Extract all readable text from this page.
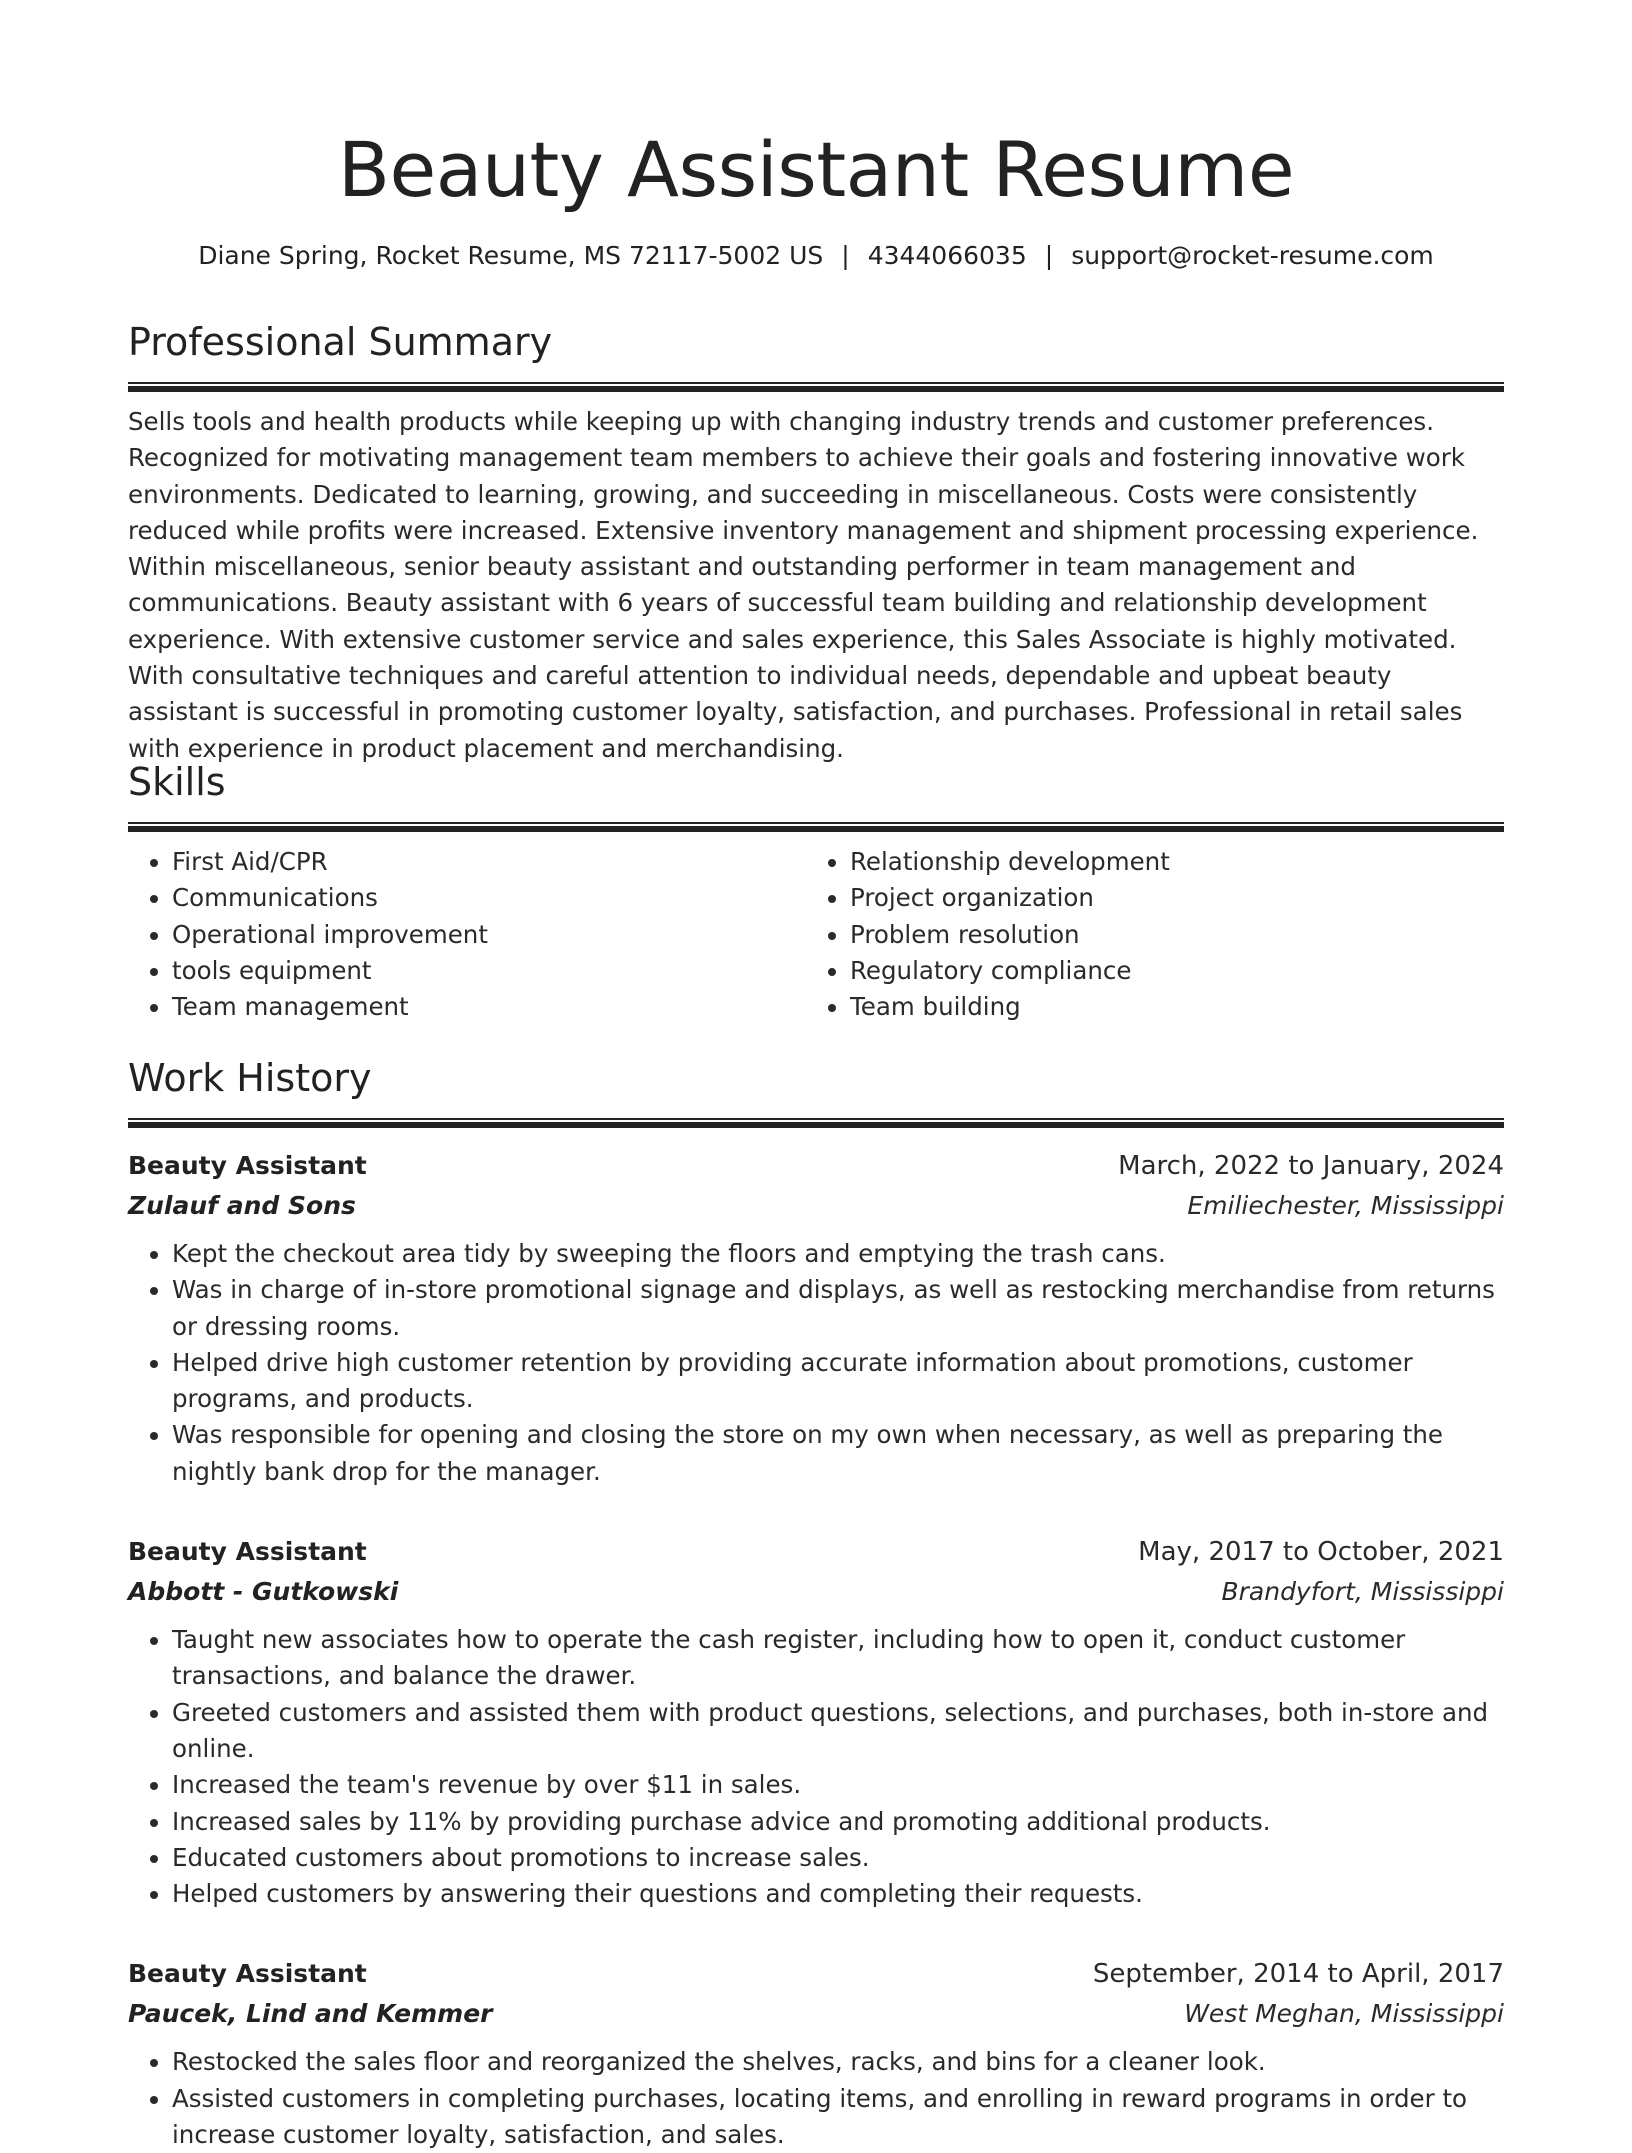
Beauty Assistant Resume
Diane Spring, Rocket Resume, MS 72117-5002 US | 4344066035 | support@rocket-resume.com
Professional Summary

Sells tools and health products while keeping up with changing industry trends and customer preferences. Recognized for motivating management team members to achieve their goals and fostering innovative work environments. Dedicated to learning, growing, and succeeding in miscellaneous. Costs were consistently reduced while profits were increased. Extensive inventory management and shipment processing experience. Within miscellaneous, senior beauty assistant and outstanding performer in team management and communications. Beauty assistant with 6 years of successful team building and relationship development experience. With extensive customer service and sales experience, this Sales Associate is highly motivated. With consultative techniques and careful attention to individual needs, dependable and upbeat beauty assistant is successful in promoting customer loyalty, satisfaction, and purchases. Professional in retail sales with experience in product placement and merchandising.

Skills
• First Aid/CPR
• Communications
• Operational improvement
• tools equipment
• Team management
• Relationship development
• Project organization
• Problem resolution
• Regulatory compliance
• Team building
Work History
Beauty Assistant	March, 2022 to January, 2024
Zulauf and Sons	Emiliechester, Mississippi
• Kept the checkout area tidy by sweeping the floors and emptying the trash cans.
• Was in charge of in-store promotional signage and displays, as well as restocking merchandise from returns or dressing rooms.
• Helped drive high customer retention by providing accurate information about promotions, customer programs, and products.
• Was responsible for opening and closing the store on my own when necessary, as well as preparing the nightly bank drop for the manager.
Beauty Assistant	May, 2017 to October, 2021
Abbott - Gutkowski	Brandyfort, Mississippi
• Taught new associates how to operate the cash register, including how to open it, conduct customer transactions, and balance the drawer.
• Greeted customers and assisted them with product questions, selections, and purchases, both in-store and online.
• Increased the team's revenue by over $11 in sales.
• Increased sales by 11% by providing purchase advice and promoting additional products.
• Educated customers about promotions to increase sales.
• Helped customers by answering their questions and completing their requests.
Beauty Assistant	September, 2014 to April, 2017
Paucek, Lind and Kemmer	West Meghan, Mississippi
• Restocked the sales floor and reorganized the shelves, racks, and bins for a cleaner look.
• Assisted customers in completing purchases, locating items, and enrolling in reward programs in order to increase customer loyalty, satisfaction, and sales.
